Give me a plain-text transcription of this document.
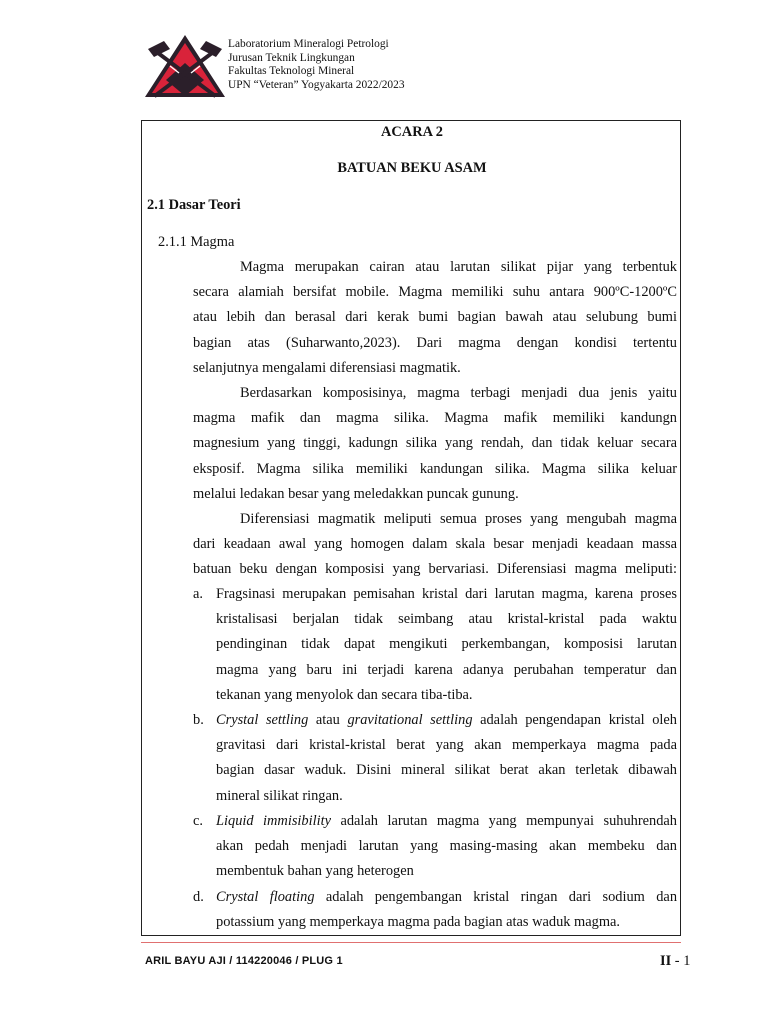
Laboratorium Mineralogi Petrologi
Jurusan Teknik Lingkungan
Fakultas Teknologi Mineral
UPN “Veteran” Yogyakarta 2022/2023
ACARA 2
BATUAN BEKU ASAM
2.1 Dasar Teori
2.1.1 Magma
Magma merupakan cairan atau larutan silikat pijar yang terbentuk
secara alamiah bersifat mobile. Magma memiliki suhu antara 900ºC-1200ºC
atau lebih dan berasal dari kerak bumi bagian bawah atau selubung bumi
bagian atas (Suharwanto,2023). Dari magma dengan kondisi tertentu
selanjutnya mengalami diferensiasi magmatik.
Berdasarkan komposisinya, magma terbagi menjadi dua jenis yaitu
magma mafik dan magma silika. Magma mafik memiliki kandungn
magnesium yang tinggi, kadungn silika yang rendah, dan tidak keluar secara
eksposif. Magma silika memiliki kandungan silika. Magma silika keluar
melalui ledakan besar yang meledakkan puncak gunung.
Diferensiasi magmatik meliputi semua proses yang mengubah magma
dari keadaan awal yang homogen dalam skala besar menjadi keadaan massa
batuan beku dengan komposisi yang bervariasi. Diferensiasi magma meliputi:
a. Fragsinasi merupakan pemisahan kristal dari larutan magma, karena proses
kristalisasi berjalan tidak seimbang atau kristal-kristal pada waktu
pendinginan tidak dapat mengikuti perkembangan, komposisi larutan
magma yang baru ini terjadi karena adanya perubahan temperatur dan
tekanan yang menyolok dan secara tiba-tiba.
b. Crystal settling atau gravitational settling adalah pengendapan kristal oleh
gravitasi dari kristal-kristal berat yang akan memperkaya magma pada
bagian dasar waduk. Disini mineral silikat berat akan terletak dibawah
mineral silikat ringan.
c. Liquid immisibility adalah larutan magma yang mempunyai suhuhrendah
akan pedah menjadi larutan yang masing-masing akan membeku dan
membentuk bahan yang heterogen
d. Crystal floating adalah pengembangan kristal ringan dari sodium dan
potassium yang memperkaya magma pada bagian atas waduk magma.
ARIL BAYU AJI / 114220046 / PLUG 1	II - 1
